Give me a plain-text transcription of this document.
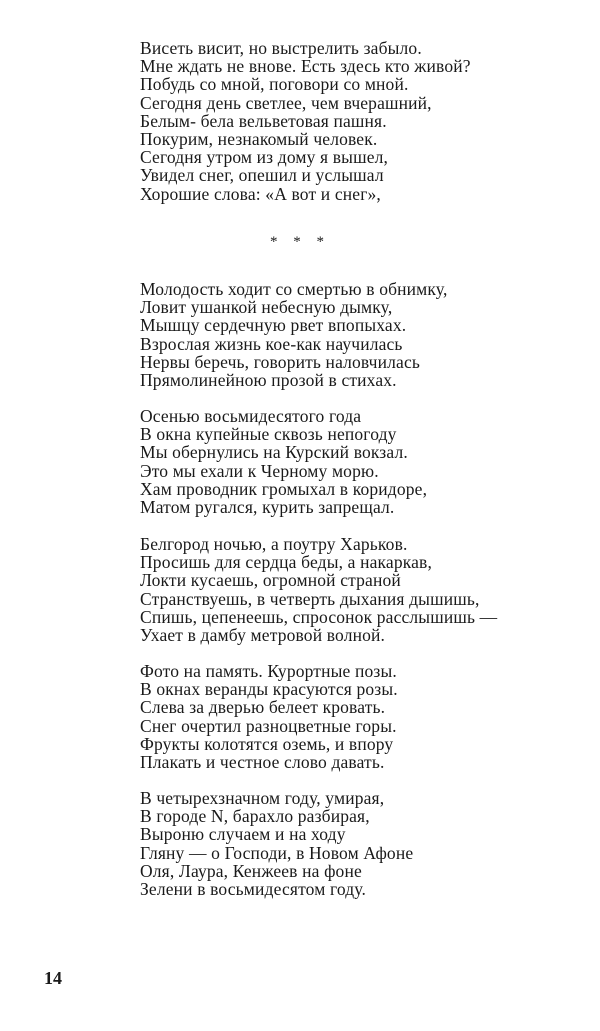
Висеть висит, но выстрелить забыло.
Мне ждать не внове. Есть здесь кто живой?
Побудь со мной, поговори со мной.
Сегодня день светлее, чем вчерашний,
Белым- бела вельветовая пашня.
Покурим, незнакомый человек.
Сегодня утром из дому я вышел,
Увидел снег, опешил и услышал
Хорошие слова: «А вот и снег»,
* * *
Молодость ходит со смертью в обнимку,
Ловит ушанкой небесную дымку,
Мышцу сердечную рвет впопыхах.
Взрослая жизнь кое-как научилась
Нервы беречь, говорить наловчилась
Прямолинейною прозой в стихах.
Осенью восьмидесятого года
В окна купейные сквозь непогоду
Мы обернулись на Курский вокзал.
Это мы ехали к Черному морю.
Хам проводник громыхал в коридоре,
Матом ругался, курить запрещал.
Белгород ночью, а поутру Харьков.
Просишь для сердца беды, а накаркав,
Локти кусаешь, огромной страной
Странствуешь, в четверть дыхания дышишь,
Спишь, цепенеешь, спросонок расслышишь —
Ухает в дамбу метровой волной.
Фото на память. Курортные позы.
В окнах веранды красуются розы.
Слева за дверью белеет кровать.
Снег очертил разноцветные горы.
Фрукты колотятся оземь, и впору
Плакать и честное слово давать.
В четырехзначном году, умирая,
В городе N, барахло разбирая,
Выроню случаем и на ходу
Гляну — о Господи, в Новом Афоне
Оля, Лаура, Кенжеев на фоне
Зелени в восьмидесятом году.
14
